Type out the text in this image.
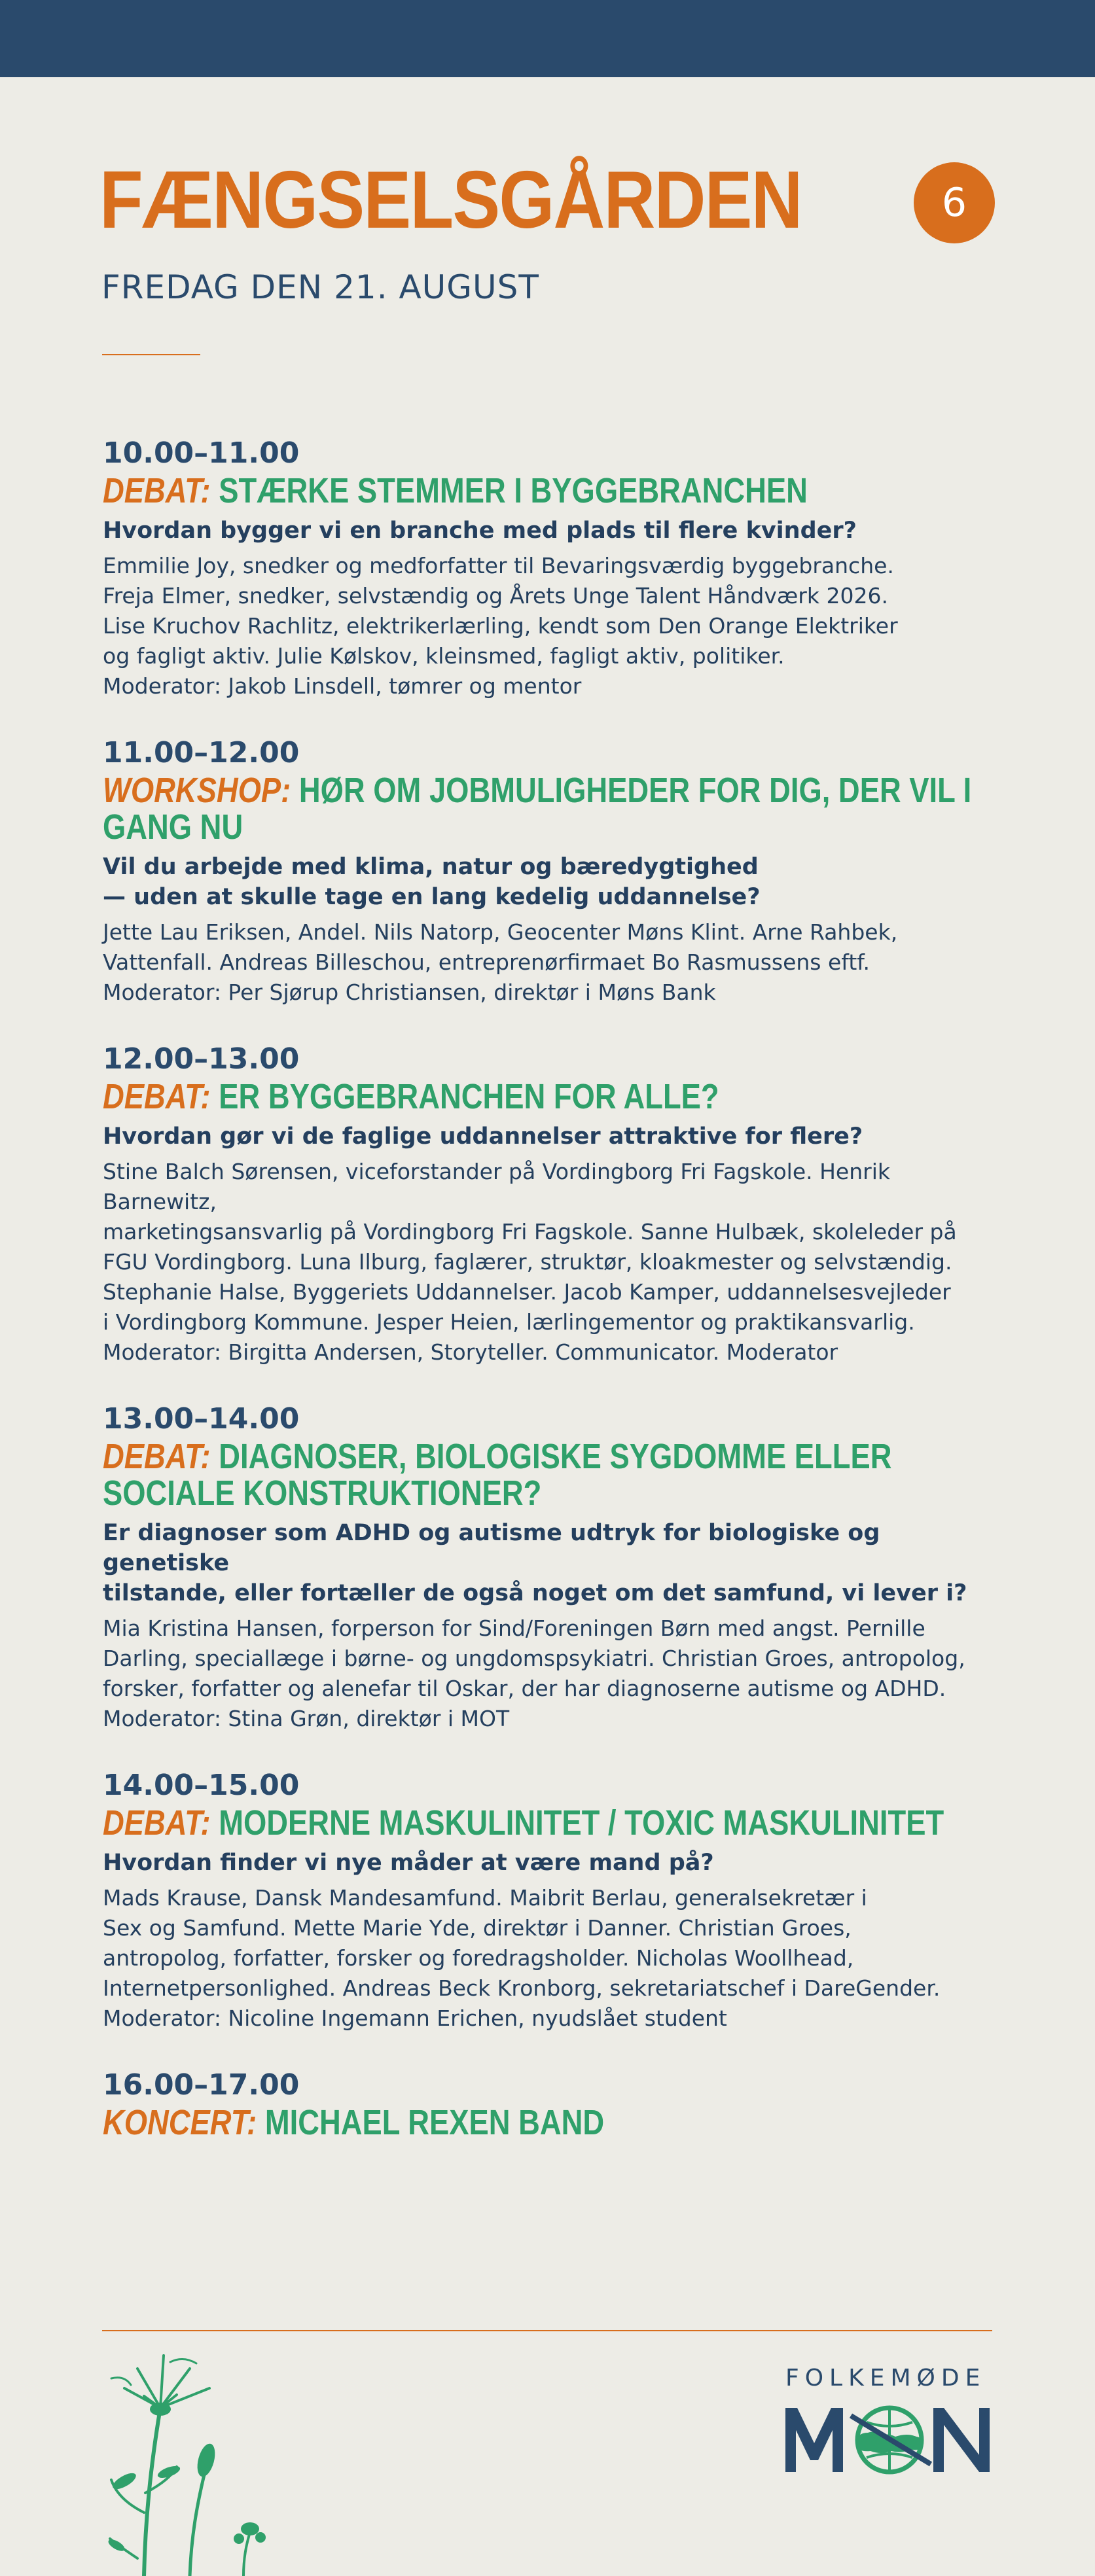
FÆNGSELSGÅRDEN	6
FREDAG DEN 21. AUGUST
10.00–11.00
DEBAT: STÆRKE STEMMER I BYGGEBRANCHEN
Hvordan bygger vi en branche med plads til flere kvinder?
Emmilie Joy, snedker og medforfatter til Bevaringsværdig byggebranche.
Freja Elmer, snedker, selvstændig og Årets Unge Talent Håndværk 2026.
Lise Kruchov Rachlitz, elektrikerlærling, kendt som Den Orange Elektriker
og fagligt aktiv. Julie Kølskov, kleinsmed, fagligt aktiv, politiker.
Moderator: Jakob Linsdell, tømrer og mentor
11.00–12.00
WORKSHOP: HØR OM JOBMULIGHEDER FOR DIG, DER VIL I GANG NU
Vil du arbejde med klima, natur og bæredygtighed
— uden at skulle tage en lang kedelig uddannelse?
Jette Lau Eriksen, Andel. Nils Natorp, Geocenter Møns Klint. Arne Rahbek,
Vattenfall. Andreas Billeschou, entreprenørfirmaet Bo Rasmussens eftf.
Moderator: Per Sjørup Christiansen, direktør i Møns Bank
12.00–13.00
DEBAT: ER BYGGEBRANCHEN FOR ALLE?
Hvordan gør vi de faglige uddannelser attraktive for flere?
Stine Balch Sørensen, viceforstander på Vordingborg Fri Fagskole. Henrik Barnewitz,
marketingsansvarlig på Vordingborg Fri Fagskole. Sanne Hulbæk, skoleleder på
FGU Vordingborg. Luna Ilburg, faglærer, struktør, kloakmester og selvstændig.
Stephanie Halse, Byggeriets Uddannelser. Jacob Kamper, uddannelsesvejleder
i Vordingborg Kommune. Jesper Heien, lærlingementor og praktikansvarlig.
Moderator: Birgitta Andersen, Storyteller. Communicator. Moderator
13.00–14.00
DEBAT: DIAGNOSER, BIOLOGISKE SYGDOMME ELLER
SOCIALE KONSTRUKTIONER?
Er diagnoser som ADHD og autisme udtryk for biologiske og genetiske
tilstande, eller fortæller de også noget om det samfund, vi lever i?
Mia Kristina Hansen, forperson for Sind/Foreningen Børn med angst. Pernille
Darling, speciallæge i børne- og ungdomspsykiatri. Christian Groes, antropolog,
forsker, forfatter og alenefar til Oskar, der har diagnoserne autisme og ADHD.
Moderator: Stina Grøn, direktør i MOT
14.00–15.00
DEBAT: MODERNE MASKULINITET / TOXIC MASKULINITET
Hvordan finder vi nye måder at være mand på?
Mads Krause, Dansk Mandesamfund. Maibrit Berlau, generalsekretær i
Sex og Samfund. Mette Marie Yde, direktør i Danner. Christian Groes,
antropolog, forfatter, forsker og foredragsholder. Nicholas Woollhead,
Internetpersonlighed. Andreas Beck Kronborg, sekretariatschef i DareGender.
Moderator: Nicoline Ingemann Erichen, nyudslået student
16.00–17.00
KONCERT: MICHAEL REXEN BAND
FOLKEMØDE
